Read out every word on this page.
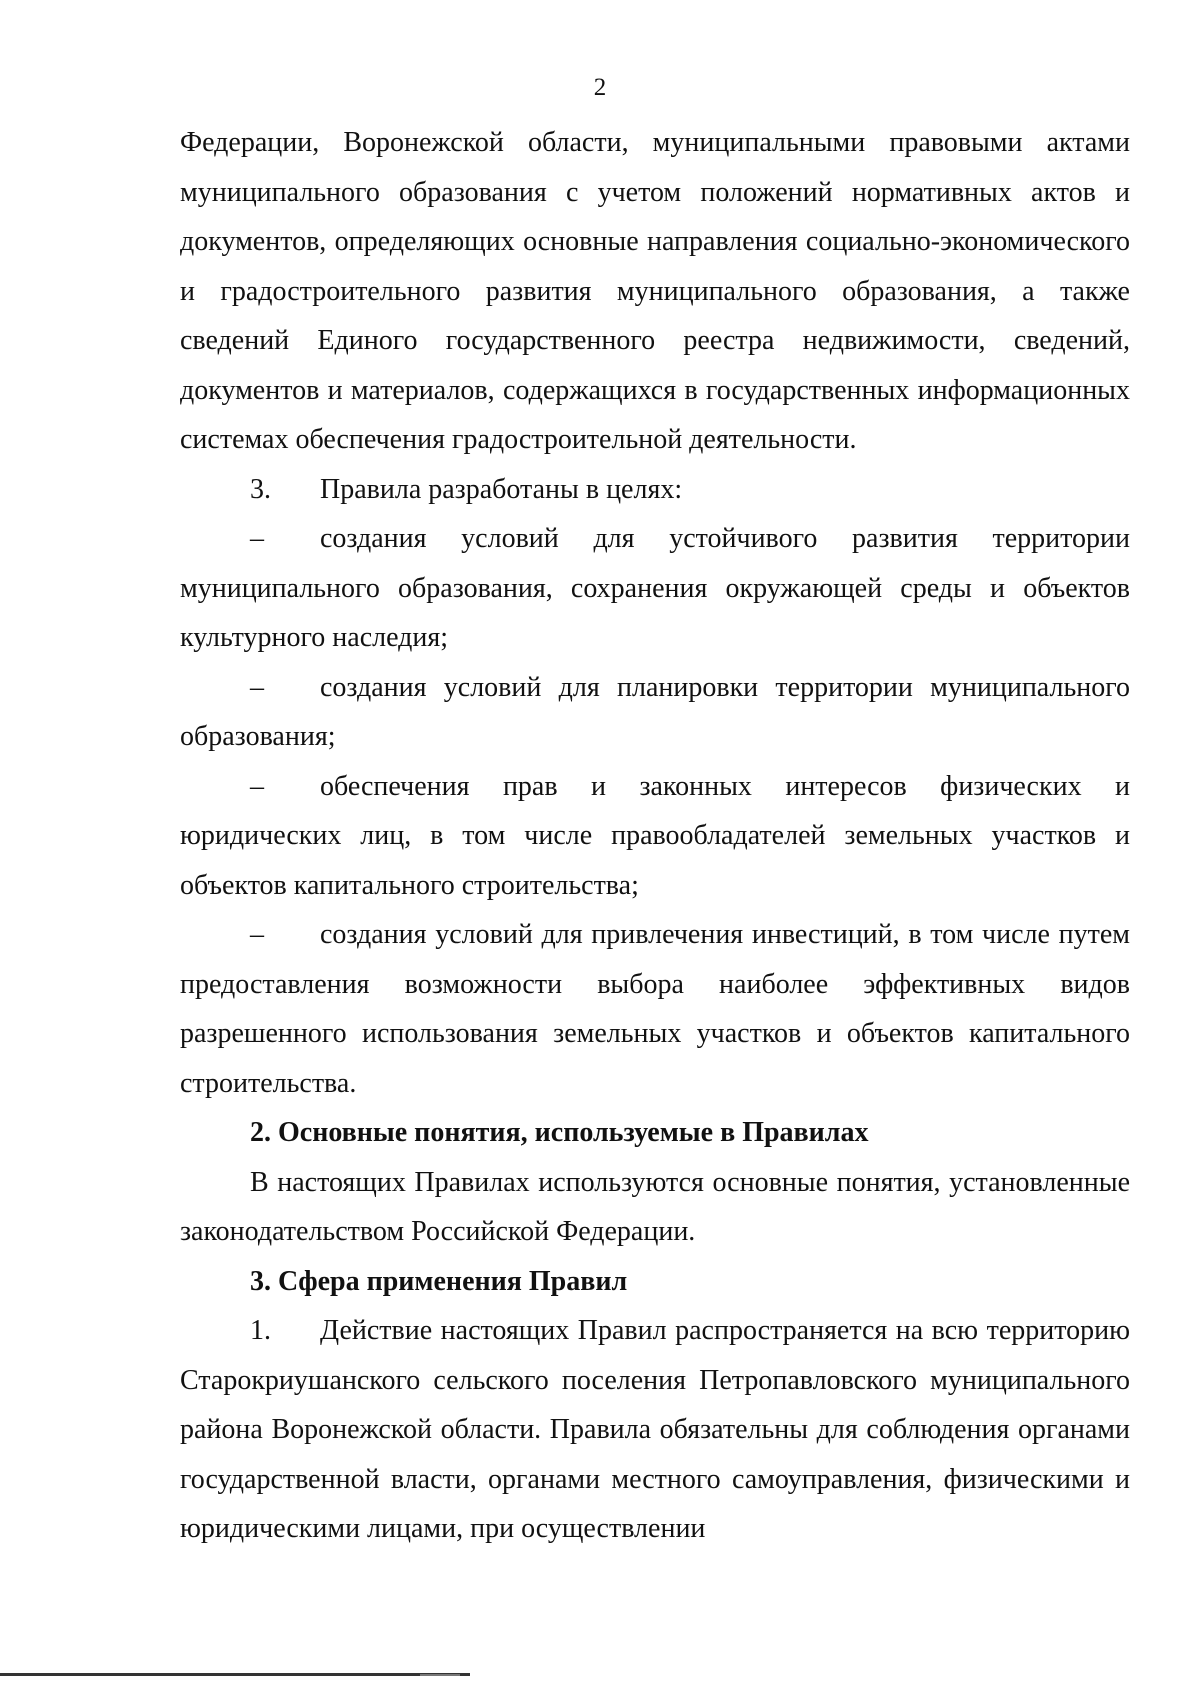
2

Федерации, Воронежской области, муниципальными правовыми актами муниципального образования с учетом положений нормативных актов и документов, определяющих основные направления социально-экономического и градостроительного развития муниципального образования, а также сведений Единого государственного реестра недвижимости, сведений, документов и материалов, содержащихся в государственных информационных системах обеспечения градостроительной деятельности.

3. Правила разработаны в целях:

– создания условий для устойчивого развития территории муниципального образования, сохранения окружающей среды и объектов культурного наследия;

– создания условий для планировки территории муниципального образования;

– обеспечения прав и законных интересов физических и юридических лиц, в том числе правообладателей земельных участков и объектов капитального строительства;

– создания условий для привлечения инвестиций, в том числе путем предоставления возможности выбора наиболее эффективных видов разрешенного использования земельных участков и объектов капитального строительства.

2. Основные понятия, используемые в Правилах

В настоящих Правилах используются основные понятия, установленные законодательством Российской Федерации.

3. Сфера применения Правил

1. Действие настоящих Правил распространяется на всю территорию Старокриушанского сельского поселения Петропавловского муниципального района Воронежской области. Правила обязательны для соблюдения органами государственной власти, органами местного самоуправления, физическими и юридическими лицами, при осуществлении
